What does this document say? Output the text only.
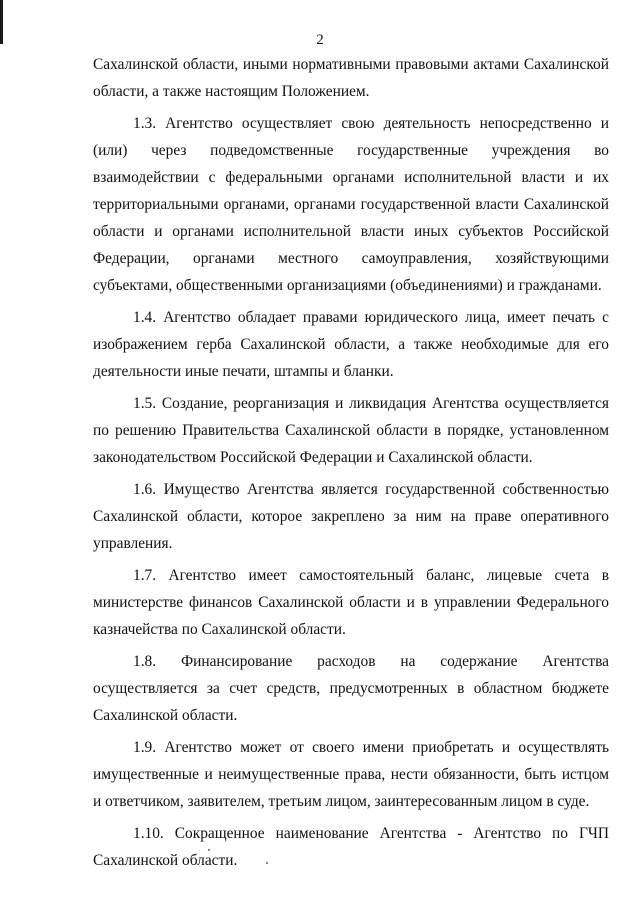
2

Сахалинской области, иными нормативными правовыми актами Сахалинской
области, а также настоящим Положением.

1.3. Агентство осуществляет свою деятельность непосредственно и
(или) через подведомственные государственные учреждения во
взаимодействии с федеральными органами исполнительной власти и их
территориальными органами, органами государственной власти Сахалинской
области и органами исполнительной власти иных субъектов Российской
Федерации, органами местного самоуправления, хозяйствующими
субъектами, общественными организациями (объединениями) и гражданами.

1.4. Агентство обладает правами юридического лица, имеет печать с
изображением герба Сахалинской области, а также необходимые для его
деятельности иные печати, штампы и бланки.

1.5. Создание, реорганизация и ликвидация Агентства осуществляется
по решению Правительства Сахалинской области в порядке, установленном
законодательством Российской Федерации и Сахалинской области.

1.6. Имущество Агентства является государственной собственностью
Сахалинской области, которое закреплено за ним на праве оперативного
управления.

1.7. Агентство имеет самостоятельный баланс, лицевые счета в
министерстве финансов Сахалинской области и в управлении Федерального
казначейства по Сахалинской области.

1.8. Финансирование расходов на содержание Агентства
осуществляется за счет средств, предусмотренных в областном бюджете
Сахалинской области.

1.9. Агентство может от своего имени приобретать и осуществлять
имущественные и неимущественные права, нести обязанности, быть истцом
и ответчиком, заявителем, третьим лицом, заинтересованным лицом в суде.

1.10. Сокращенное наименование Агентства - Агентство по ГЧП
Сахалинской области.
